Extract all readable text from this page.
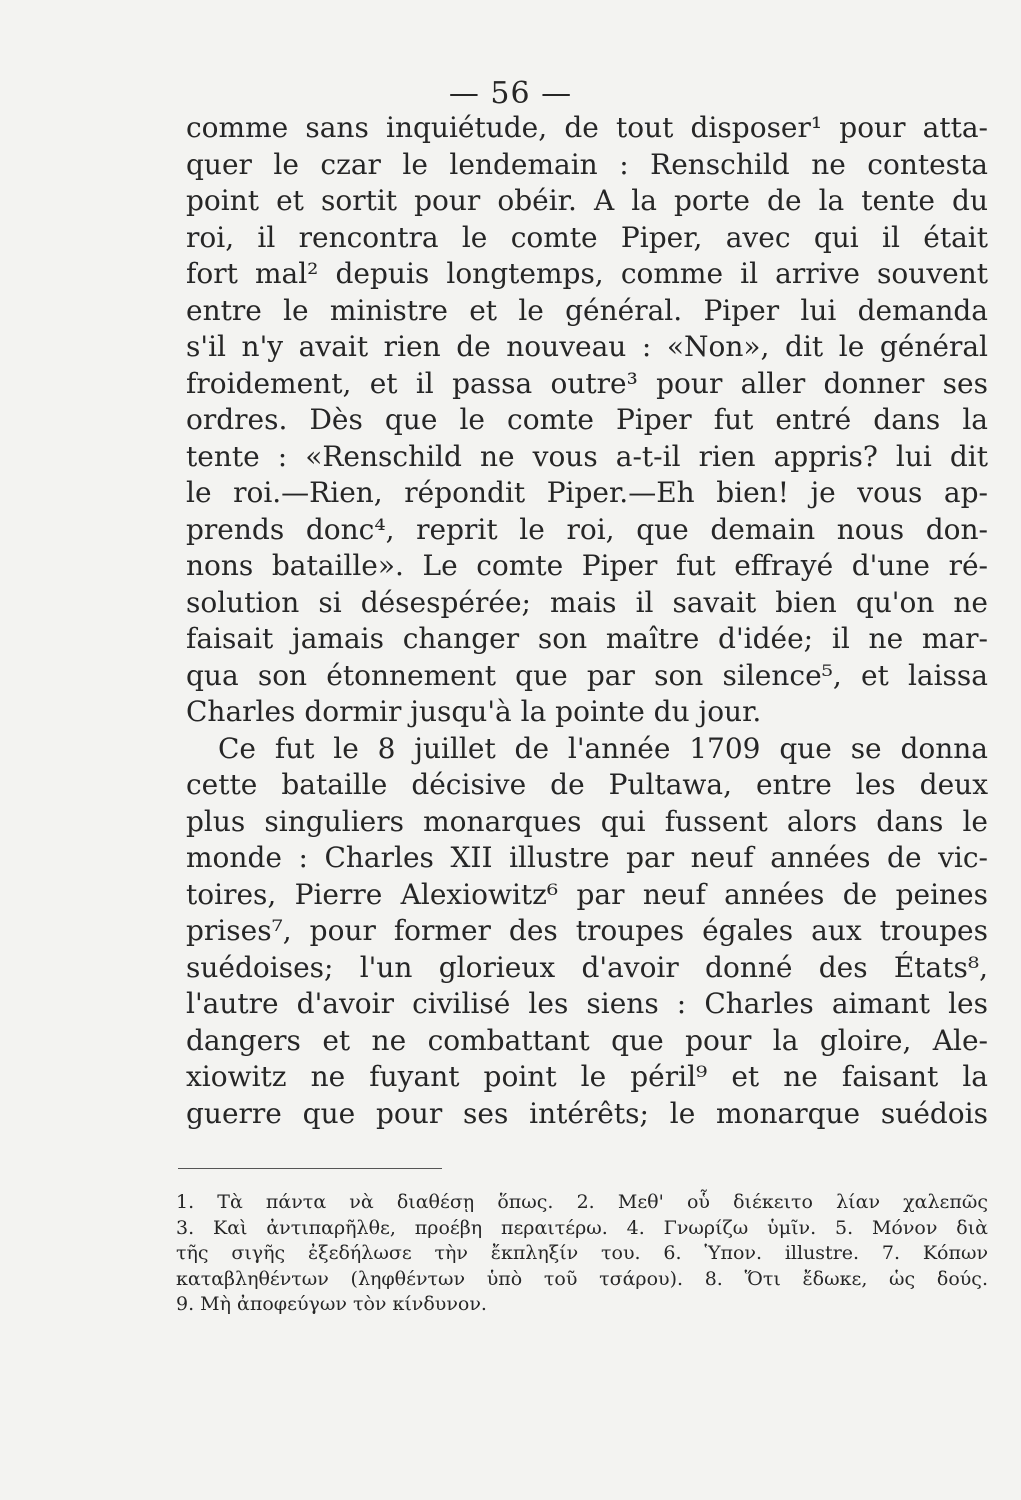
— 56 —
comme sans inquiétude, de tout disposer¹ pour atta-
quer le czar le lendemain : Renschild ne contesta
point et sortit pour obéir. A la porte de la tente du
roi, il rencontra le comte Piper, avec qui il était
fort mal² depuis longtemps, comme il arrive souvent
entre le ministre et le général. Piper lui demanda
s'il n'y avait rien de nouveau : «Non», dit le général
froidement, et il passa outre³ pour aller donner ses
ordres. Dès que le comte Piper fut entré dans la
tente : «Renschild ne vous a-t-il rien appris? lui dit
le roi.—Rien, répondit Piper.—Eh bien! je vous ap-
prends donc⁴, reprit le roi, que demain nous don-
nons bataille». Le comte Piper fut effrayé d'une ré-
solution si désespérée; mais il savait bien qu'on ne
faisait jamais changer son maître d'idée; il ne mar-
qua son étonnement que par son silence⁵, et laissa
Charles dormir jusqu'à la pointe du jour.
Ce fut le 8 juillet de l'année 1709 que se donna
cette bataille décisive de Pultawa, entre les deux
plus singuliers monarques qui fussent alors dans le
monde : Charles XII illustre par neuf années de vic-
toires, Pierre Alexiowitz⁶ par neuf années de peines
prises⁷, pour former des troupes égales aux troupes
suédoises; l'un glorieux d'avoir donné des États⁸,
l'autre d'avoir civilisé les siens : Charles aimant les
dangers et ne combattant que pour la gloire, Ale-
xiowitz ne fuyant point le péril⁹ et ne faisant la
guerre que pour ses intérêts; le monarque suédois
1. Τὰ πάντα νὰ διαθέσῃ ὅπως. 2. Μεθ' οὗ διέκειτο λίαν χαλεπῶς
3. Καὶ ἀντιπαρῆλθε, προέβη περαιτέρω. 4. Γνωρίζω ὑμῖν. 5. Μόνον διὰ
τῆς σιγῆς ἐξεδήλωσε τὴν ἔκπληξίν του. 6. Ὑπον. illustre. 7. Κόπων
καταβληθέντων (ληφθέντων ὑπὸ τοῦ τσάρου). 8. Ὅτι ἔδωκε, ὡς δούς.
9. Μὴ ἀποφεύγων τὸν κίνδυνον.
